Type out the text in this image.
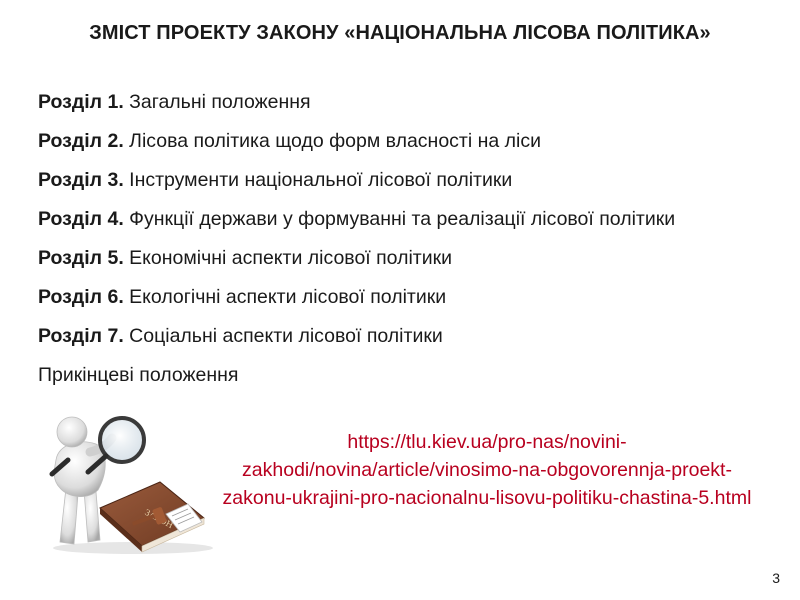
ЗМІСТ ПРОЕКТУ ЗАКОНУ «НАЦІОНАЛЬНА ЛІСОВА ПОЛІТИКА»
Розділ 1. Загальні положення
Розділ 2. Лісова політика щодо форм власності на ліси
Розділ 3. Інструменти національної лісової політики
Розділ 4. Функції держави у формуванні та реалізації лісової політики
Розділ 5. Економічні аспекти лісової політики
Розділ 6. Екологічні аспекти лісової політики
Розділ 7. Соціальні аспекти лісової політики
Прикінцеві положення
https://tlu.kiev.ua/pro-nas/novini-zakhodi/novina/article/vinosimo-na-obgovorennja-proekt-zakonu-ukrajini-pro-nacionalnu-lisovu-politiku-chastina-5.html
3
